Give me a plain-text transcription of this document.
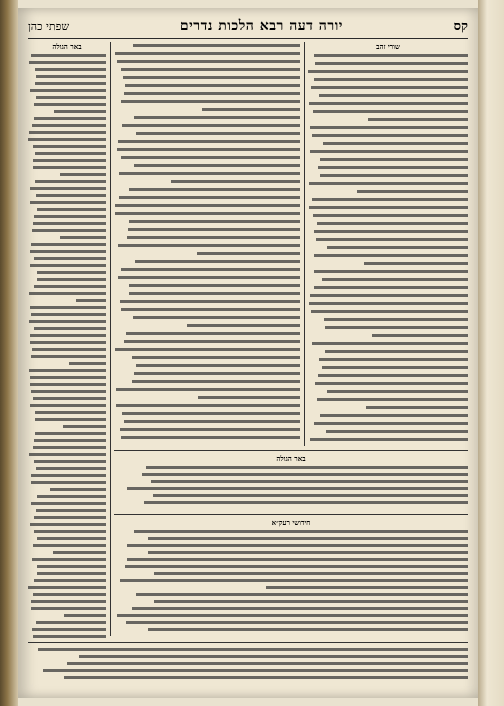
קס
יורה דעה רבא הלכות נדרים
שפתי כהן
באר הגולה	שורי זהב
באר הגולה
חידושי רעק״א
